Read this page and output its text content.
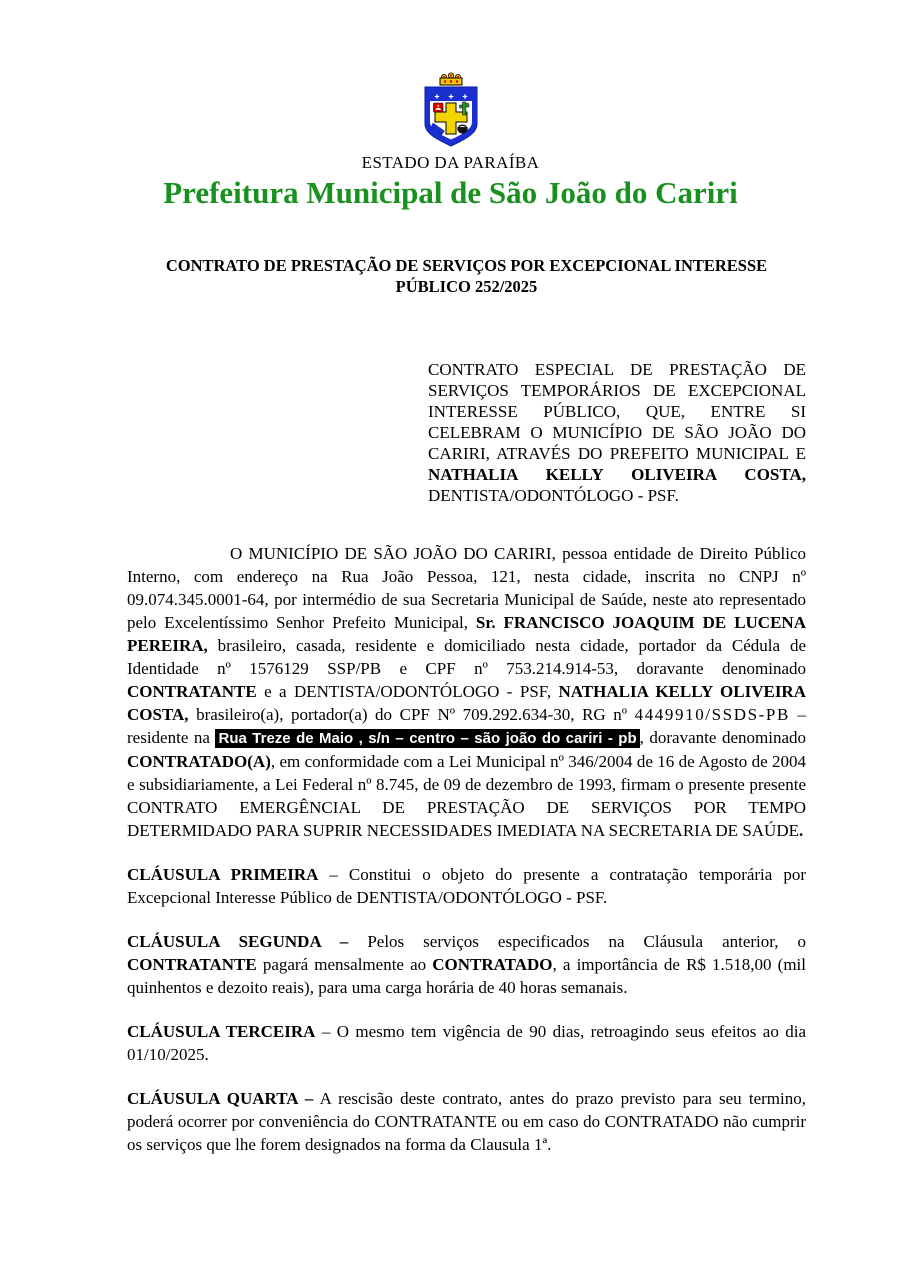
ESTADO DA PARAÍBA
Prefeitura Municipal de São João do Cariri
CONTRATO DE PRESTAÇÃO DE SERVIÇOS POR EXCEPCIONAL INTERESSE PÚBLICO 252/2025

CONTRATO ESPECIAL DE PRESTAÇÃO DE SERVIÇOS TEMPORÁRIOS DE EXCEPCIONAL INTERESSE PÚBLICO, QUE, ENTRE SI CELEBRAM O MUNICÍPIO DE SÃO JOÃO DO CARIRI, ATRAVÉS DO PREFEITO MUNICIPAL E NATHALIA KELLY OLIVEIRA COSTA, DENTISTA/ODONTÓLOGO - PSF.

O MUNICÍPIO DE SÃO JOÃO DO CARIRI, pessoa entidade de Direito Público Interno, com endereço na Rua João Pessoa, 121, nesta cidade, inscrita no CNPJ nº 09.074.345.0001-64, por intermédio de sua Secretaria Municipal de Saúde, neste ato representado pelo Excelentíssimo Senhor Prefeito Municipal, Sr. FRANCISCO JOAQUIM DE LUCENA PEREIRA, brasileiro, casada, residente e domiciliado nesta cidade, portador da Cédula de Identidade nº 1576129 SSP/PB e CPF nº 753.214.914-53, doravante denominado CONTRATANTE e a DENTISTA/ODONTÓLOGO - PSF, NATHALIA KELLY OLIVEIRA COSTA, brasileiro(a), portador(a) do CPF Nº 709.292.634-30, RG nº 4449910/SSDS-PB – residente na Rua Treze de Maio , s/n – centro – são joão do cariri - pb , doravante denominado CONTRATADO(A), em conformidade com a Lei Municipal nº 346/2004 de 16 de Agosto de 2004 e subsidiariamente, a Lei Federal nº 8.745, de 09 de dezembro de 1993, firmam o presente presente CONTRATO EMERGÊNCIAL DE PRESTAÇÃO DE SERVIÇOS POR TEMPO DETERMIDADO PARA SUPRIR NECESSIDADES IMEDIATA NA SECRETARIA DE SAÚDE.

CLÁUSULA PRIMEIRA – Constitui o objeto do presente a contratação temporária por Excepcional Interesse Público de DENTISTA/ODONTÓLOGO - PSF.

CLÁUSULA SEGUNDA – Pelos serviços especificados na Cláusula anterior, o CONTRATANTE pagará mensalmente ao CONTRATADO, a importância de R$ 1.518,00 (mil quinhentos e dezoito reais), para uma carga horária de 40 horas semanais.

CLÁUSULA TERCEIRA – O mesmo tem vigência de 90 dias, retroagindo seus efeitos ao dia 01/10/2025.

CLÁUSULA QUARTA – A rescisão deste contrato, antes do prazo previsto para seu termino, poderá ocorrer por conveniência do CONTRATANTE ou em caso do CONTRATADO não cumprir os serviços que lhe forem designados na forma da Clausula 1ª.
